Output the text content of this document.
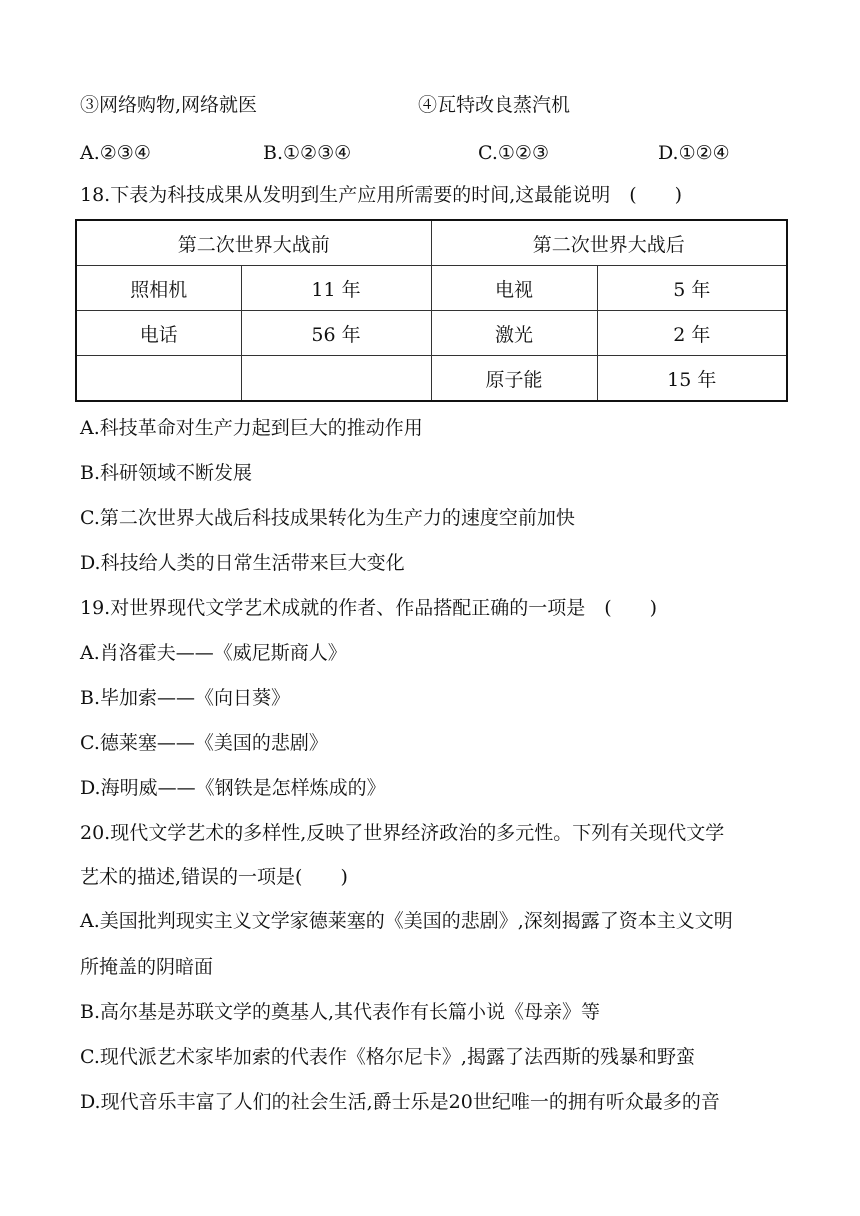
③网络购物,网络就医	④瓦特改良蒸汽机
A.②③④	B.①②③④	C.①②③	D.①②④
18.下表为科技成果从发明到生产应用所需要的时间,这最能说明　(　　)
第二次世界大战前		第二次世界大战后	
照相机	11 年	电视	5 年
电话	56 年	激光	2 年
		原子能	15 年
A.科技革命对生产力起到巨大的推动作用
B.科研领域不断发展
C.第二次世界大战后科技成果转化为生产力的速度空前加快
D.科技给人类的日常生活带来巨大变化
19.对世界现代文学艺术成就的作者、作品搭配正确的一项是　(　　)
A.肖洛霍夫——《威尼斯商人》
B.毕加索——《向日葵》
C.德莱塞——《美国的悲剧》
D.海明威——《钢铁是怎样炼成的》
20.现代文学艺术的多样性,反映了世界经济政治的多元性。下列有关现代文学
艺术的描述,错误的一项是(　　)
A.美国批判现实主义文学家德莱塞的《美国的悲剧》,深刻揭露了资本主义文明
所掩盖的阴暗面
B.高尔基是苏联文学的奠基人,其代表作有长篇小说《母亲》等
C.现代派艺术家毕加索的代表作《格尔尼卡》,揭露了法西斯的残暴和野蛮
D.现代音乐丰富了人们的社会生活,爵士乐是20世纪唯一的拥有听众最多的音
